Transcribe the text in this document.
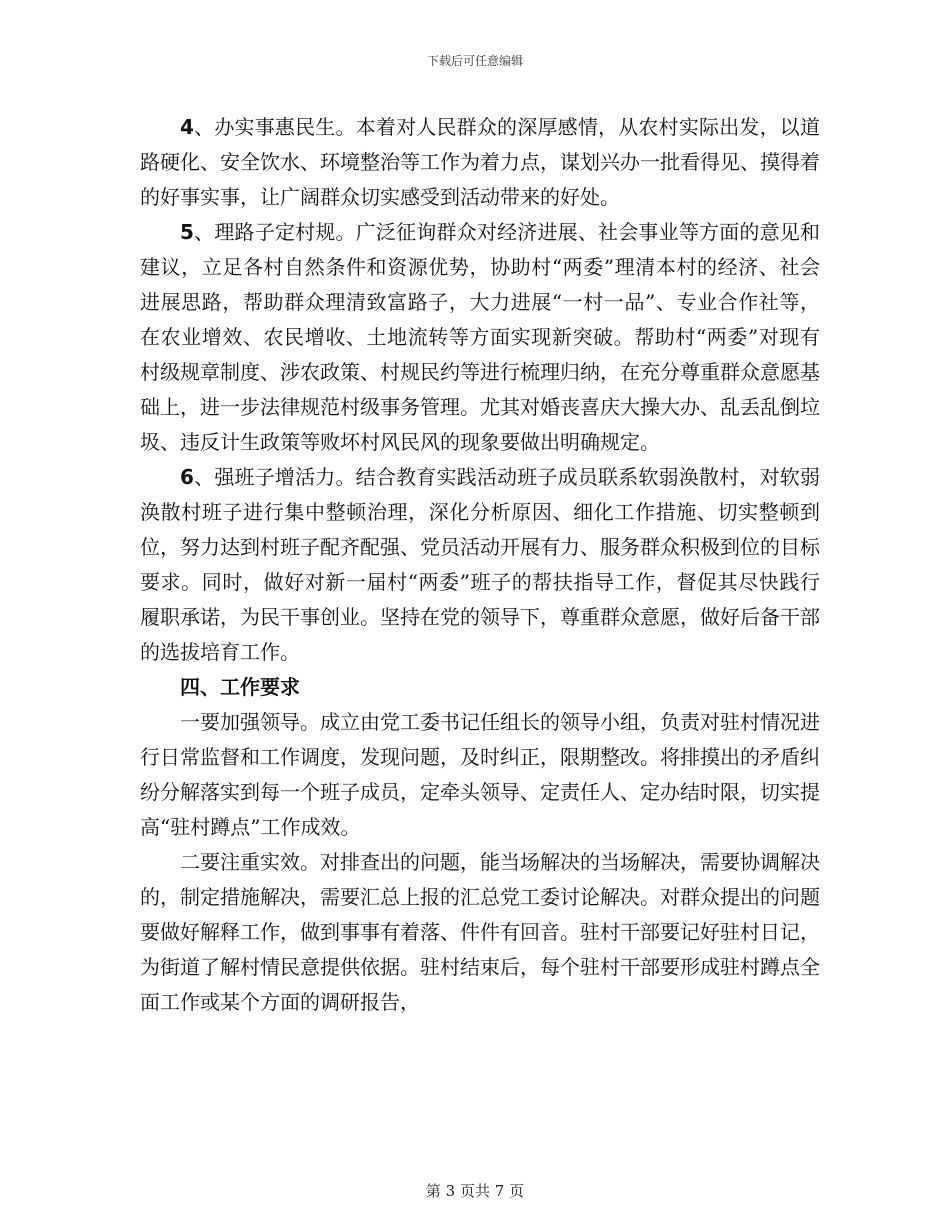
下载后可任意编辑

4、办实事惠民生。本着对人民群众的深厚感情，从农村实际出发，以道路硬化、安全饮水、环境整治等工作为着力点，谋划兴办一批看得见、摸得着的好事实事，让广阔群众切实感受到活动带来的好处。

5、理路子定村规。广泛征询群众对经济进展、社会事业等方面的意见和建议，立足各村自然条件和资源优势，协助村“两委”理清本村的经济、社会进展思路，帮助群众理清致富路子，大力进展“一村一品”、专业合作社等，在农业增效、农民增收、土地流转等方面实现新突破。帮助村“两委”对现有村级规章制度、涉农政策、村规民约等进行梳理归纳，在充分尊重群众意愿基础上，进一步法律规范村级事务管理。尤其对婚丧喜庆大操大办、乱丢乱倒垃圾、违反计生政策等败坏村风民风的现象要做出明确规定。

6、强班子增活力。结合教育实践活动班子成员联系软弱涣散村，对软弱涣散村班子进行集中整顿治理，深化分析原因、细化工作措施、切实整顿到位，努力达到村班子配齐配强、党员活动开展有力、服务群众积极到位的目标要求。同时，做好对新一届村“两委”班子的帮扶指导工作，督促其尽快践行履职承诺，为民干事创业。坚持在党的领导下，尊重群众意愿，做好后备干部的选拔培育工作。

四、工作要求

一要加强领导。成立由党工委书记任组长的领导小组，负责对驻村情况进行日常监督和工作调度，发现问题，及时纠正，限期整改。将排摸出的矛盾纠纷分解落实到每一个班子成员，定牵头领导、定责任人、定办结时限，切实提高“驻村蹲点”工作成效。

二要注重实效。对排查出的问题，能当场解决的当场解决，需要协调解决的，制定措施解决，需要汇总上报的汇总党工委讨论解决。对群众提出的问题要做好解释工作，做到事事有着落、件件有回音。驻村干部要记好驻村日记，为街道了解村情民意提供依据。驻村结束后，每个驻村干部要形成驻村蹲点全面工作或某个方面的调研报告，

第 3 页共 7 页
